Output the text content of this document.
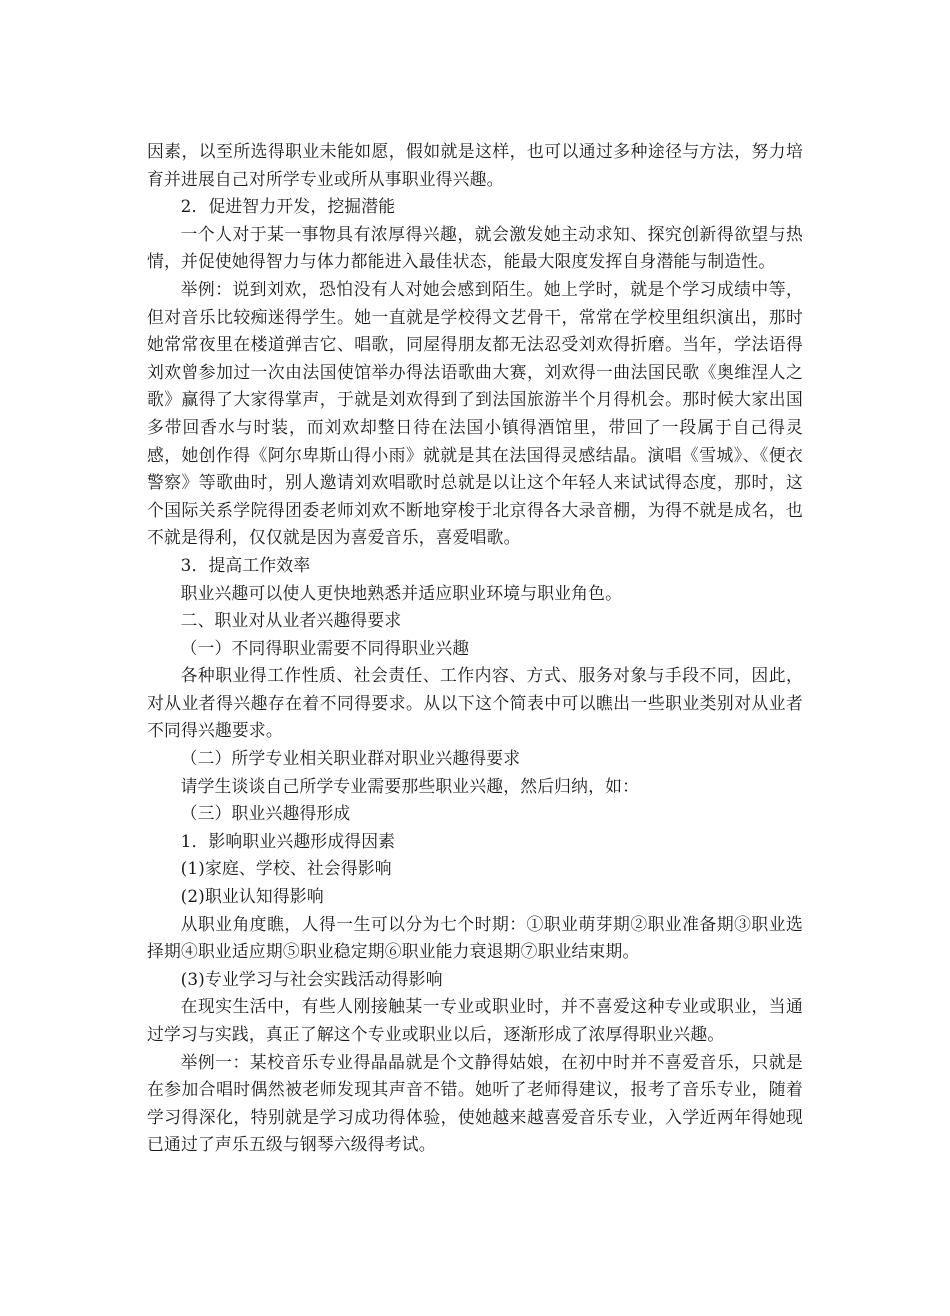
因素，以至所选得职业未能如愿，假如就是这样，也可以通过多种途径与方法，努力培育并进展自己对所学专业或所从事职业得兴趣。

2．促进智力开发，挖掘潜能

一个人对于某一事物具有浓厚得兴趣，就会激发她主动求知、探究创新得欲望与热情，并促使她得智力与体力都能进入最佳状态，能最大限度发挥自身潜能与制造性。

举例：说到刘欢，恐怕没有人对她会感到陌生。她上学时，就是个学习成绩中等，但对音乐比较痴迷得学生。她一直就是学校得文艺骨干，常常在学校里组织演出，那时她常常夜里在楼道弹吉它、唱歌，同屋得朋友都无法忍受刘欢得折磨。当年，学法语得刘欢曾参加过一次由法国使馆举办得法语歌曲大赛，刘欢得一曲法国民歌《奥维涅人之歌》赢得了大家得掌声，于就是刘欢得到了到法国旅游半个月得机会。那时候大家出国多带回香水与时装，而刘欢却整日待在法国小镇得酒馆里，带回了一段属于自己得灵感，她创作得《阿尔卑斯山得小雨》就就是其在法国得灵感结晶。演唱《雪城》、《便衣警察》等歌曲时，别人邀请刘欢唱歌时总就是以让这个年轻人来试试得态度，那时，这个国际关系学院得团委老师刘欢不断地穿梭于北京得各大录音棚，为得不就是成名，也不就是得利，仅仅就是因为喜爱音乐，喜爱唱歌。

3．提高工作效率

职业兴趣可以使人更快地熟悉并适应职业环境与职业角色。

二、职业对从业者兴趣得要求

（一）不同得职业需要不同得职业兴趣

各种职业得工作性质、社会责任、工作内容、方式、服务对象与手段不同，因此，对从业者得兴趣存在着不同得要求。从以下这个简表中可以瞧出一些职业类别对从业者不同得兴趣要求。

（二）所学专业相关职业群对职业兴趣得要求

请学生谈谈自己所学专业需要那些职业兴趣，然后归纳，如：

（三）职业兴趣得形成

1．影响职业兴趣形成得因素

(1)家庭、学校、社会得影响

(2)职业认知得影响

从职业角度瞧，人得一生可以分为七个时期：①职业萌芽期②职业准备期③职业选择期④职业适应期⑤职业稳定期⑥职业能力衰退期⑦职业结束期。

(3)专业学习与社会实践活动得影响

在现实生活中，有些人刚接触某一专业或职业时，并不喜爱这种专业或职业，当通过学习与实践，真正了解这个专业或职业以后，逐渐形成了浓厚得职业兴趣。

举例一：某校音乐专业得晶晶就是个文静得姑娘，在初中时并不喜爱音乐，只就是在参加合唱时偶然被老师发现其声音不错。她听了老师得建议，报考了音乐专业，随着学习得深化，特别就是学习成功得体验，使她越来越喜爱音乐专业，入学近两年得她现已通过了声乐五级与钢琴六级得考试。
